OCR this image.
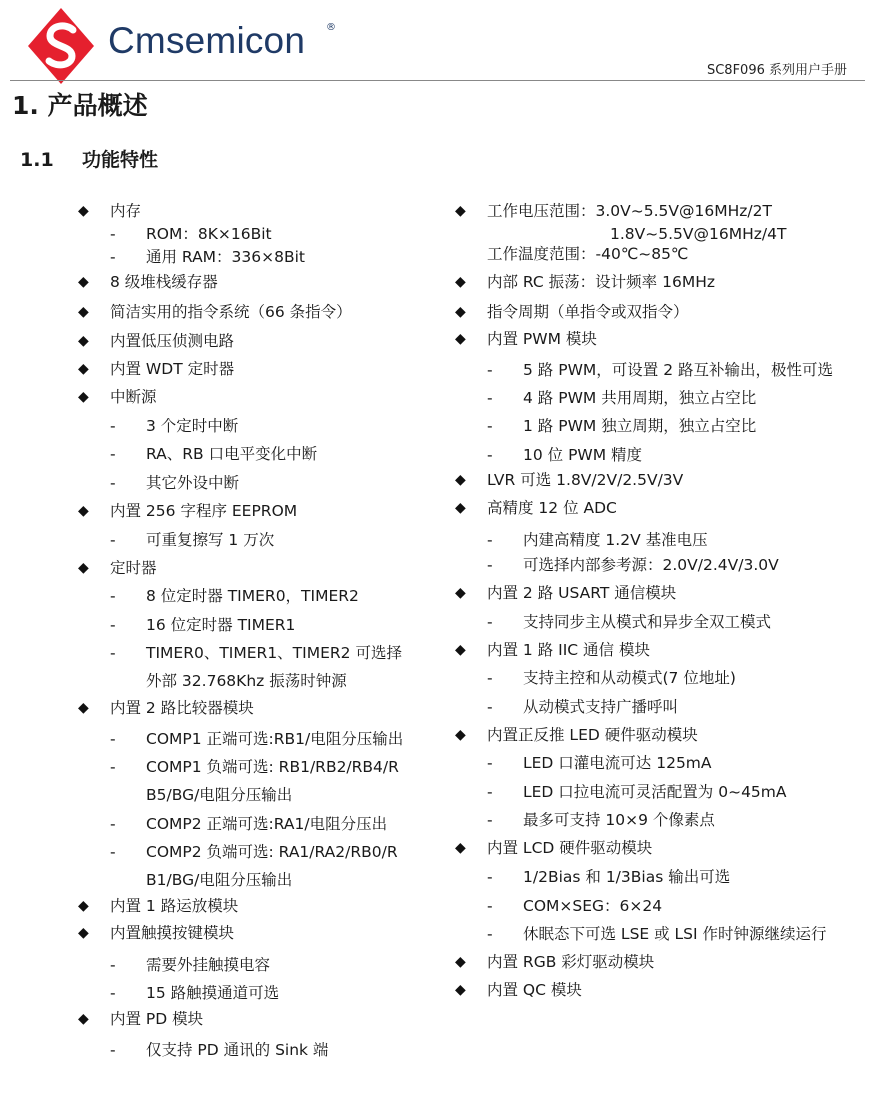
Cmsemicon ®
SC8F096 系列用户手册
1. 产品概述
1.1 功能特性
◆ 内存
- ROM：8K×16Bit
- 通用 RAM：336×8Bit
◆ 8 级堆栈缓存器
◆ 简洁实用的指令系统（66 条指令）
◆ 内置低压侦测电路
◆ 内置 WDT 定时器
◆ 中断源
- 3 个定时中断
- RA、RB 口电平变化中断
- 其它外设中断
◆ 内置 256 字程序 EEPROM
- 可重复擦写 1 万次
◆ 定时器
- 8 位定时器 TIMER0，TIMER2
- 16 位定时器 TIMER1
- TIMER0、TIMER1、TIMER2 可选择
外部 32.768Khz 振荡时钟源
◆ 内置 2 路比较器模块
- COMP1 正端可选:RB1/电阻分压输出
- COMP1 负端可选: RB1/RB2/RB4/R
B5/BG/电阻分压输出
- COMP2 正端可选:RA1/电阻分压出
- COMP2 负端可选: RA1/RA2/RB0/R
B1/BG/电阻分压输出
◆ 内置 1 路运放模块
◆ 内置触摸按键模块
- 需要外挂触摸电容
- 15 路触摸通道可选
◆ 内置 PD 模块
- 仅支持 PD 通讯的 Sink 端
◆ 工作电压范围：3.0V~5.5V@16MHz/2T
1.8V~5.5V@16MHz/4T
工作温度范围：-40℃~85℃
◆ 内部 RC 振荡：设计频率 16MHz
◆ 指令周期（单指令或双指令）
◆ 内置 PWM 模块
- 5 路 PWM，可设置 2 路互补输出，极性可选
- 4 路 PWM 共用周期，独立占空比
- 1 路 PWM 独立周期，独立占空比
- 10 位 PWM 精度
◆ LVR 可选 1.8V/2V/2.5V/3V
◆ 高精度 12 位 ADC
- 内建高精度 1.2V 基准电压
- 可选择内部参考源：2.0V/2.4V/3.0V
◆ 内置 2 路 USART 通信模块
- 支持同步主从模式和异步全双工模式
◆ 内置 1 路 IIC 通信 模块
- 支持主控和从动模式(7 位地址)
- 从动模式支持广播呼叫
◆ 内置正反推 LED 硬件驱动模块
- LED 口灌电流可达 125mA
- LED 口拉电流可灵活配置为 0~45mA
- 最多可支持 10×9 个像素点
◆ 内置 LCD 硬件驱动模块
- 1/2Bias 和 1/3Bias 输出可选
- COM×SEG：6×24
- 休眠态下可选 LSE 或 LSI 作时钟源继续运行
◆ 内置 RGB 彩灯驱动模块
◆ 内置 QC 模块
